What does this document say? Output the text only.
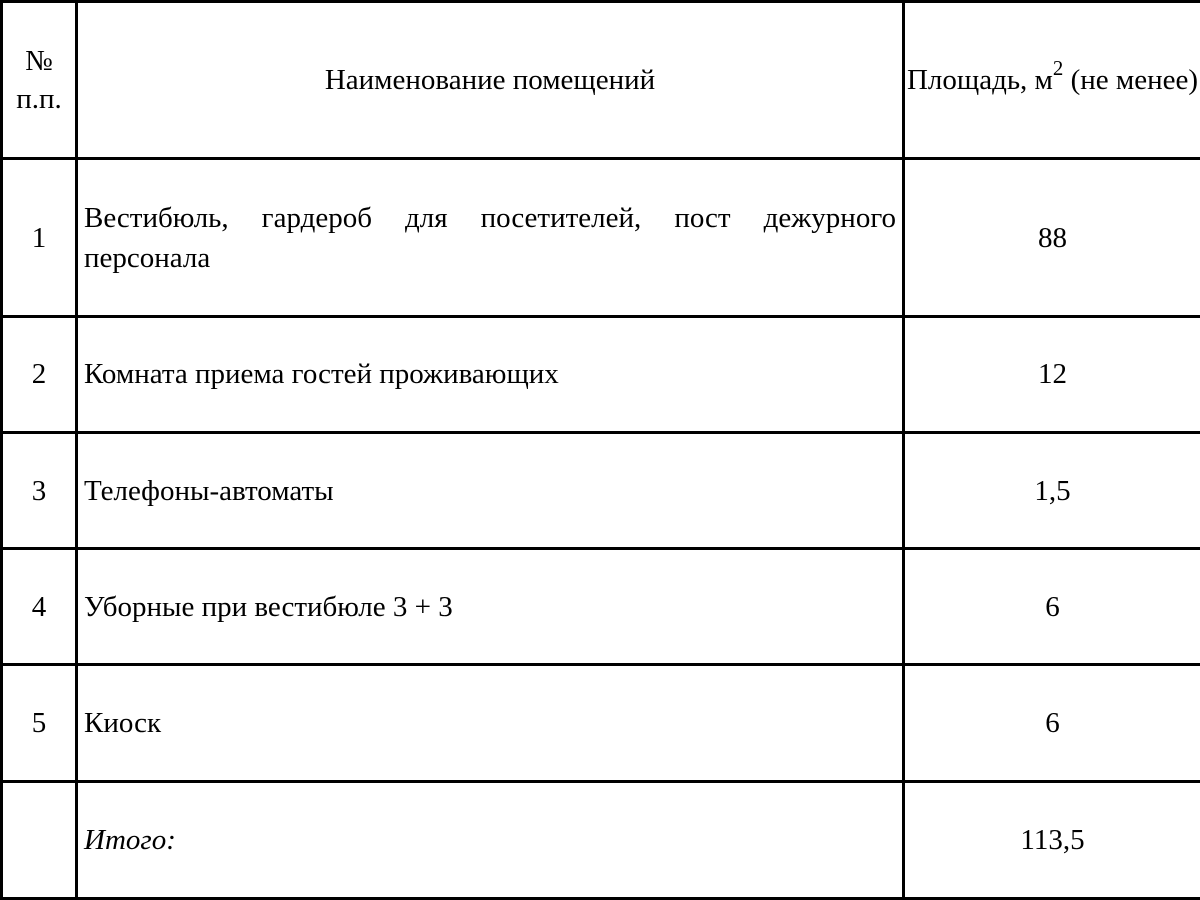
№
п.п.	Наименование помещений	Площадь, $м^2$ (не менее)
1	Вестибюль, гардероб для посетителей, пост дежурного персонала	88
2	Комната приема гостей проживающих	12
3	Телефоны-автоматы	1,5
4	Уборные при вестибюле 3 + 3	6
5	Киоск	6
	Итого:	113,5
